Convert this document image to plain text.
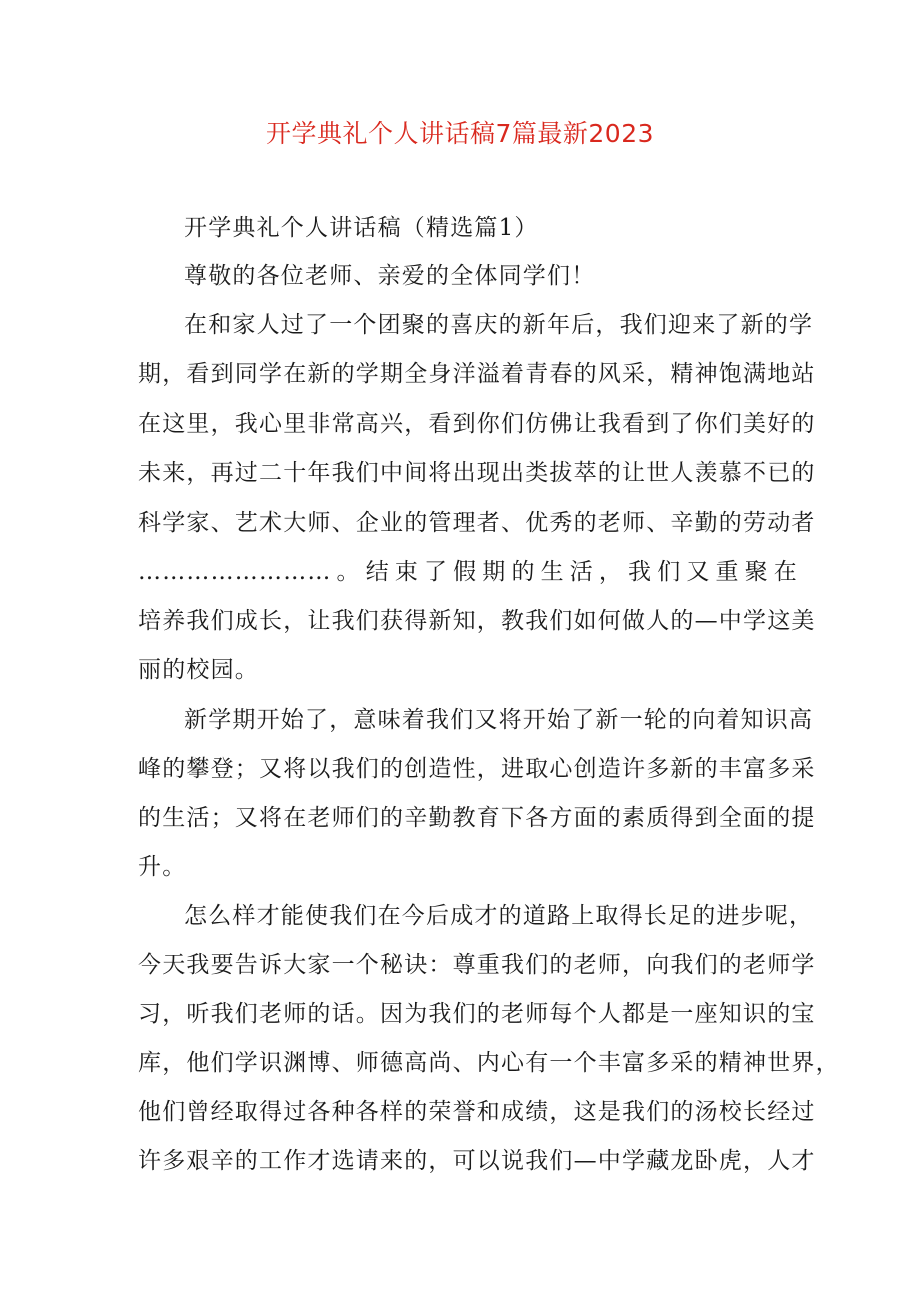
开学典礼个人讲话稿7篇最新2023
开学典礼个人讲话稿（精选篇1）
尊敬的各位老师、亲爱的全体同学们！
在和家人过了一个团聚的喜庆的新年后，我们迎来了新的学
期，看到同学在新的学期全身洋溢着青春的风采，精神饱满地站
在这里，我心里非常高兴，看到你们仿佛让我看到了你们美好的
未来，再过二十年我们中间将出现出类拔萃的让世人羡慕不已的
科学家、艺术大师、企业的管理者、优秀的老师、辛勤的劳动者
……………………。结束了假期的生活，我们又重聚在
培养我们成长，让我们获得新知，教我们如何做人的—中学这美
丽的校园。
新学期开始了，意味着我们又将开始了新一轮的向着知识高
峰的攀登；又将以我们的创造性，进取心创造许多新的丰富多采
的生活；又将在老师们的辛勤教育下各方面的素质得到全面的提
升。
怎么样才能使我们在今后成才的道路上取得长足的进步呢，
今天我要告诉大家一个秘诀：尊重我们的老师，向我们的老师学
习，听我们老师的话。因为我们的老师每个人都是一座知识的宝
库，他们学识渊博、师德高尚、内心有一个丰富多采的精神世界，
他们曾经取得过各种各样的荣誉和成绩，这是我们的汤校长经过
许多艰辛的工作才选请来的，可以说我们—中学藏龙卧虎，人才
